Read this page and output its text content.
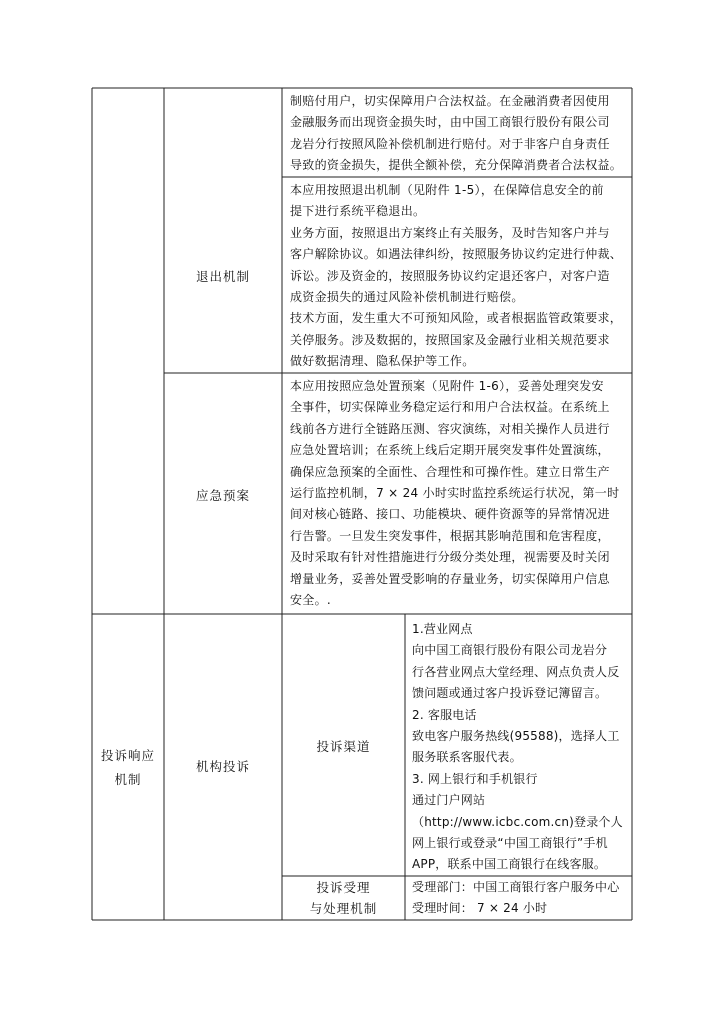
制赔付用户，切实保障用户合法权益。在金融消费者因使用

金融服务而出现资金损失时，由中国工商银行股份有限公司

龙岩分行按照风险补偿机制进行赔付。对于非客户自身责任

导致的资金损失，提供全额补偿，充分保障消费者合法权益。

退出机制

本应用按照退出机制（见附件 1-5），在保障信息安全的前

提下进行系统平稳退出。

业务方面，按照退出方案终止有关服务，及时告知客户并与

客户解除协议。如遇法律纠纷，按照服务协议约定进行仲裁、

诉讼。涉及资金的，按照服务协议约定退还客户，对客户造

成资金损失的通过风险补偿机制进行赔偿。

技术方面，发生重大不可预知风险，或者根据监管政策要求，

关停服务。涉及数据的，按照国家及金融行业相关规范要求

做好数据清理、隐私保护等工作。

应急预案

本应用按照应急处置预案（见附件 1-6），妥善处理突发安

全事件，切实保障业务稳定运行和用户合法权益。在系统上

线前各方进行全链路压测、容灾演练，对相关操作人员进行

应急处置培训；在系统上线后定期开展突发事件处置演练，

确保应急预案的全面性、合理性和可操作性。建立日常生产

运行监控机制，7 × 24 小时实时监控系统运行状况，第一时

间对核心链路、接口、功能模块、硬件资源等的异常情况进

行告警。一旦发生突发事件，根据其影响范围和危害程度，

及时采取有针对性措施进行分级分类处理，视需要及时关闭

增量业务，妥善处置受影响的存量业务，切实保障用户信息

安全。.

投诉响应
机制
机构投诉
投诉渠道

1.营业网点

向中国工商银行股份有限公司龙岩分

行各营业网点大堂经理、网点负责人反

馈问题或通过客户投诉登记簿留言。

2. 客服电话

致电客户服务热线(95588)，选择人工

服务联系客服代表。

3. 网上银行和手机银行

通过门户网站

（http://www.icbc.com.cn)登录个人

网上银行或登录“中国工商银行”手机

APP，联系中国工商银行在线客服。

投诉受理
与处理机制

受理部门：中国工商银行客户服务中心

受理时间： 7 × 24 小时
